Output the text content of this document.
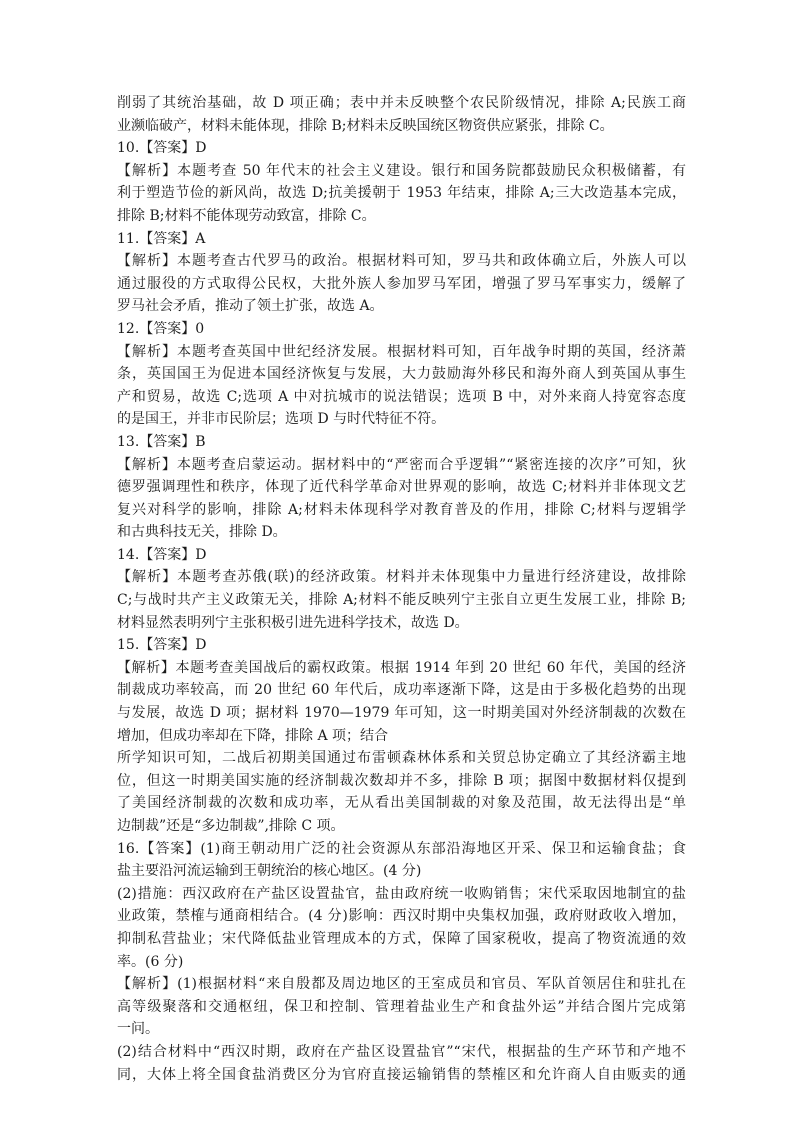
削弱了其统治基础，故 D 项正确；表中并未反映整个农民阶级情况，排除 A;民族工商
业濒临破产，材料未能体现，排除 B;材料未反映国统区物资供应紧张，排除 C。
10.【答案】D
【解析】本题考查 50 年代末的社会主义建设。银行和国务院都鼓励民众积极储蓄，有
利于塑造节俭的新风尚，故选 D;抗美援朝于 1953 年结束，排除 A;三大改造基本完成，
排除 B;材料不能体现劳动致富，排除 C。
11.【答案】A
【解析】本题考查古代罗马的政治。根据材料可知，罗马共和政体确立后，外族人可以
通过服役的方式取得公民权，大批外族人参加罗马军团，增强了罗马军事实力，缓解了
罗马社会矛盾，推动了领土扩张，故选 A。
12.【答案】0
【解析】本题考查英国中世纪经济发展。根据材料可知，百年战争时期的英国，经济萧
条，英国国王为促进本国经济恢复与发展，大力鼓励海外移民和海外商人到英国从事生
产和贸易，故选 C;选项 A 中对抗城市的说法错误；选项 B 中，对外来商人持宽容态度
的是国王，并非市民阶层；选项 D 与时代特征不符。
13.【答案】B
【解析】本题考查启蒙运动。据材料中的“严密而合乎逻辑”“紧密连接的次序”可知，狄
德罗强调理性和秩序，体现了近代科学革命对世界观的影响，故选 C;材料并非体现文艺
复兴对科学的影响，排除 A;材料未体现科学对教育普及的作用，排除 C;材料与逻辑学
和古典科技无关，排除 D。
14.【答案】D
【解析】本题考查苏俄(联)的经济政策。材料并未体现集中力量进行经济建设，故排除
C;与战时共产主义政策无关，排除 A;材料不能反映列宁主张自立更生发展工业，排除 B;
材料显然表明列宁主张积极引进先进科学技术，故选 D。
15.【答案】D
【解析】本题考查美国战后的霸权政策。根据 1914 年到 20 世纪 60 年代，美国的经济
制裁成功率较高，而 20 世纪 60 年代后，成功率逐渐下降，这是由于多极化趋势的出现
与发展，故选 D 项；据材料 1970—1979 年可知，这一时期美国对外经济制裁的次数在
增加，但成功率却在下降，排除 A 项；结合
所学知识可知，二战后初期美国通过布雷顿森林体系和关贸总协定确立了其经济霸主地
位，但这一时期美国实施的经济制裁次数却并不多，排除 B 项；据图中数据材料仅提到
了美国经济制裁的次数和成功率，无从看出美国制裁的对象及范围，故无法得出是“单
边制裁”还是“多边制裁”,排除 C 项。
16.【答案】(1)商王朝动用广泛的社会资源从东部沿海地区开采、保卫和运输食盐；食
盐主要沿河流运输到王朝统治的核心地区。(4 分)
(2)措施：西汉政府在产盐区设置盐官，盐由政府统一收购销售；宋代采取因地制宜的盐
业政策，禁榷与通商相结合。(4 分)影响：西汉时期中央集权加强，政府财政收入增加，
抑制私营盐业；宋代降低盐业管理成本的方式，保障了国家税收，提高了物资流通的效
率。(6 分)
【解析】(1)根据材料“来自殷都及周边地区的王室成员和官员、军队首领居住和驻扎在
高等级聚落和交通枢纽，保卫和控制、管理着盐业生产和食盐外运”并结合图片完成第
一问。
(2)结合材料中“西汉时期，政府在产盐区设置盐官”“宋代，根据盐的生产环节和产地不
同，大体上将全国食盐消费区分为官府直接运输销售的禁榷区和允许商人自由贩卖的通
